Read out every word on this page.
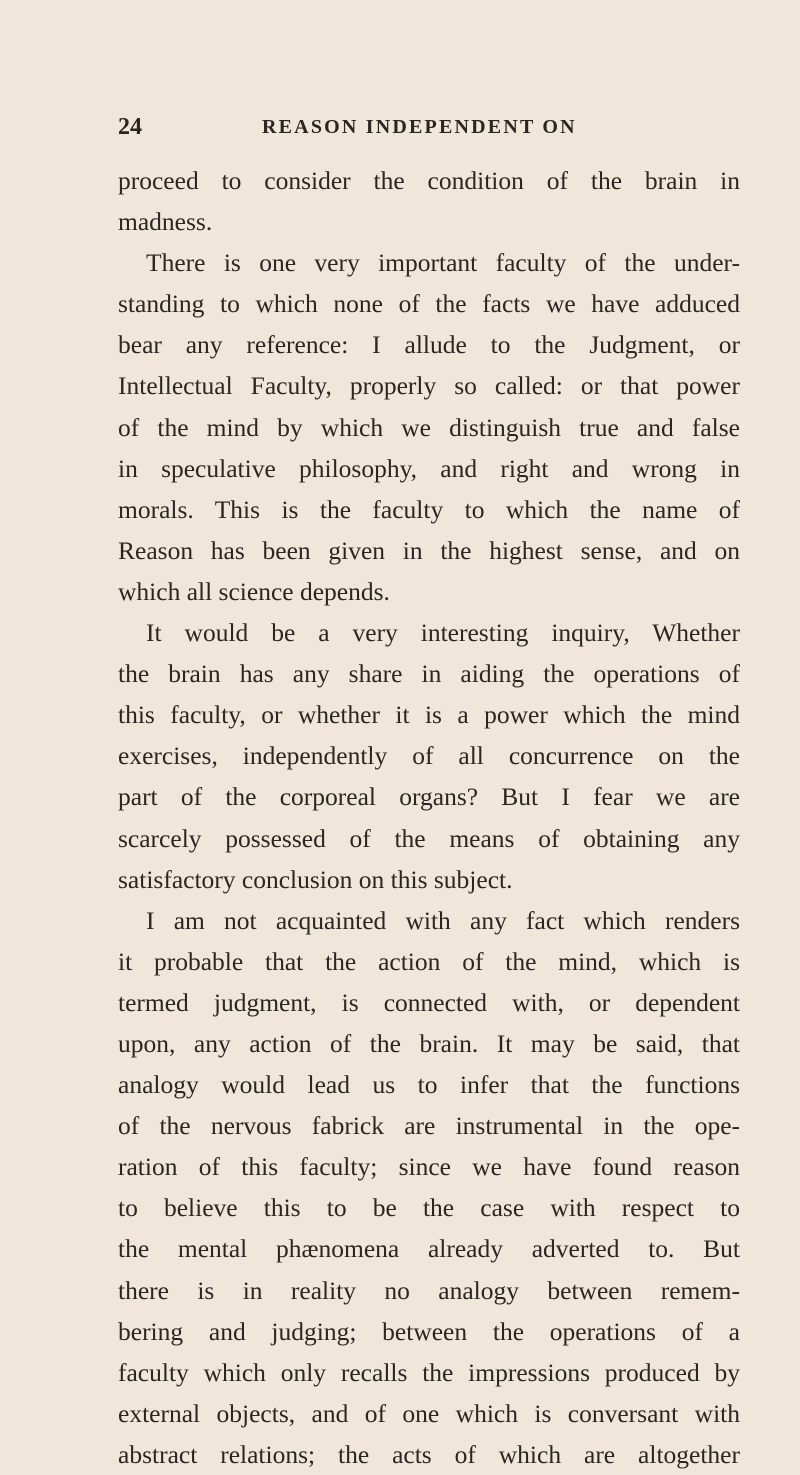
24	REASON INDEPENDENT ON
proceed to consider the condition of the brain in
madness.
There is one very important faculty of the under-
standing to which none of the facts we have adduced
bear any reference: I allude to the Judgment, or
Intellectual Faculty, properly so called: or that power
of the mind by which we distinguish true and false
in speculative philosophy, and right and wrong in
morals. This is the faculty to which the name of
Reason has been given in the highest sense, and on
which all science depends.
It would be a very interesting inquiry, Whether
the brain has any share in aiding the operations of
this faculty, or whether it is a power which the mind
exercises, independently of all concurrence on the
part of the corporeal organs? But I fear we are
scarcely possessed of the means of obtaining any
satisfactory conclusion on this subject.
I am not acquainted with any fact which renders
it probable that the action of the mind, which is
termed judgment, is connected with, or dependent
upon, any action of the brain. It may be said, that
analogy would lead us to infer that the functions
of the nervous fabrick are instrumental in the ope-
ration of this faculty; since we have found reason
to believe this to be the case with respect to
the mental phænomena already adverted to. But
there is in reality no analogy between remem-
bering and judging; between the operations of a
faculty which only recalls the impressions produced by
external objects, and of one which is conversant with
abstract relations; the acts of which are altogether
